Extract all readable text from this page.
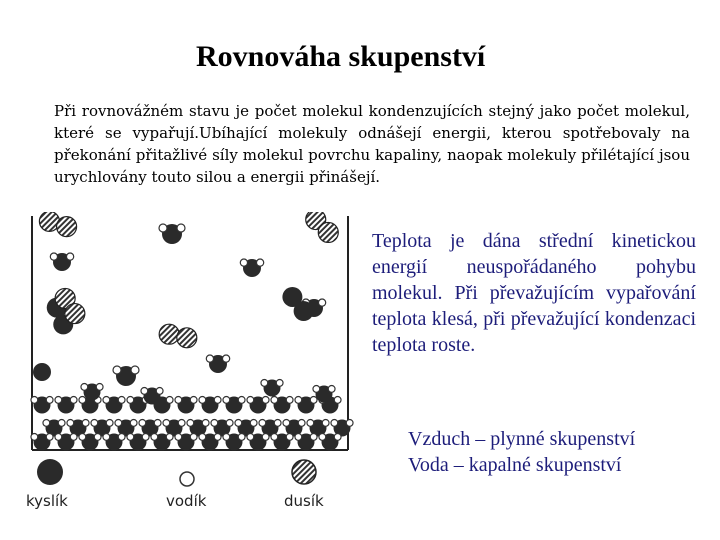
Rovnováha skupenství

Při rovnovážném stavu je počet molekul kondenzujících stejný jako počet molekul, které se vypařují.Ubíhající molekuly odnášejí energii, kterou spotřebovaly na překonání přitažlivé síly molekul povrchu kapaliny, naopak molekuly přilétající jsou urychlovány touto silou a energii přinášejí.

kyslík	vodík	dusík

Teplota je dána střední kinetickou energií neuspořádaného pohybu molekul. Při převažujícím vypařování teplota klesá, při převažující kondenzaci teplota roste.

Vzduch – plynné skupenství
Voda – kapalné skupenství
